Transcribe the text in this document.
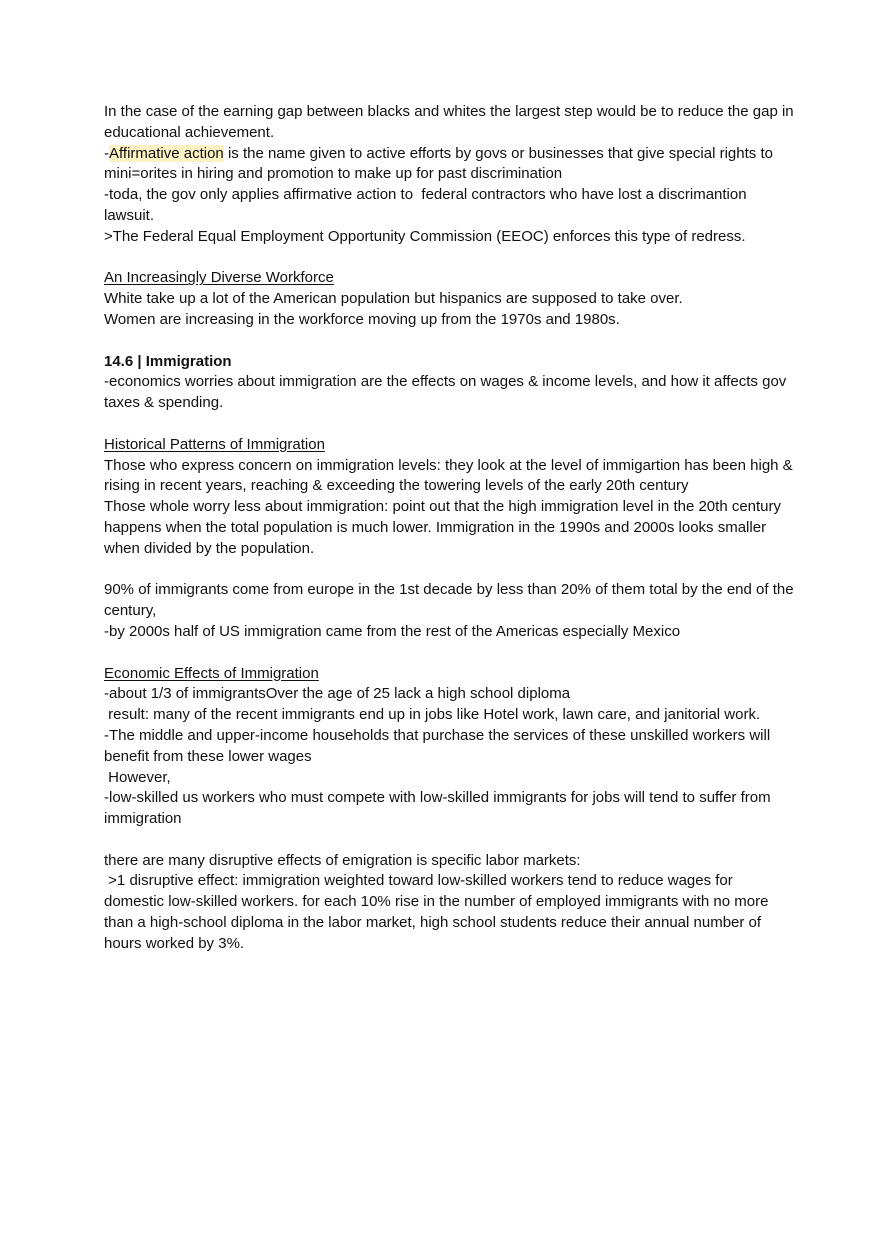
In the case of the earning gap between blacks and whites the largest step would be to reduce the gap in educational achievement.

-Affirmative action is the name given to active efforts by govs or businesses that give special rights to mini=orites in hiring and promotion to make up for past discrimination

-toda, the gov only applies affirmative action to  federal contractors who have lost a discrimantion lawsuit.

>The Federal Equal Employment Opportunity Commission (EEOC) enforces this type of redress.

An Increasingly Diverse Workforce

White take up a lot of the American population but hispanics are supposed to take over.

Women are increasing in the workforce moving up from the 1970s and 1980s.

14.6 | Immigration

-economics worries about immigration are the effects on wages & income levels, and how it affects gov taxes & spending.

Historical Patterns of Immigration

Those who express concern on immigration levels: they look at the level of immigartion has been high & rising in recent years, reaching & exceeding the towering levels of the early 20th century

Those whole worry less about immigration: point out that the high immigration level in the 20th century happens when the total population is much lower. Immigration in the 1990s and 2000s looks smaller when divided by the population.

90% of immigrants come from europe in the 1st decade by less than 20% of them total by the end of the century,

-by 2000s half of US immigration came from the rest of the Americas especially Mexico

Economic Effects of Immigration

-about 1/3 of immigrantsOver the age of 25 lack a high school diploma

result: many of the recent immigrants end up in jobs like Hotel work, lawn care, and janitorial work.

-The middle and upper-income households that purchase the services of these unskilled workers will benefit from these lower wages

However,

-low-skilled us workers who must compete with low-skilled immigrants for jobs will tend to suffer from immigration

there are many disruptive effects of emigration is specific labor markets:

>1 disruptive effect: immigration weighted toward low-skilled workers tend to reduce wages for domestic low-skilled workers. for each 10% rise in the number of employed immigrants with no more than a high-school diploma in the labor market, high school students reduce their annual number of hours worked by 3%.
